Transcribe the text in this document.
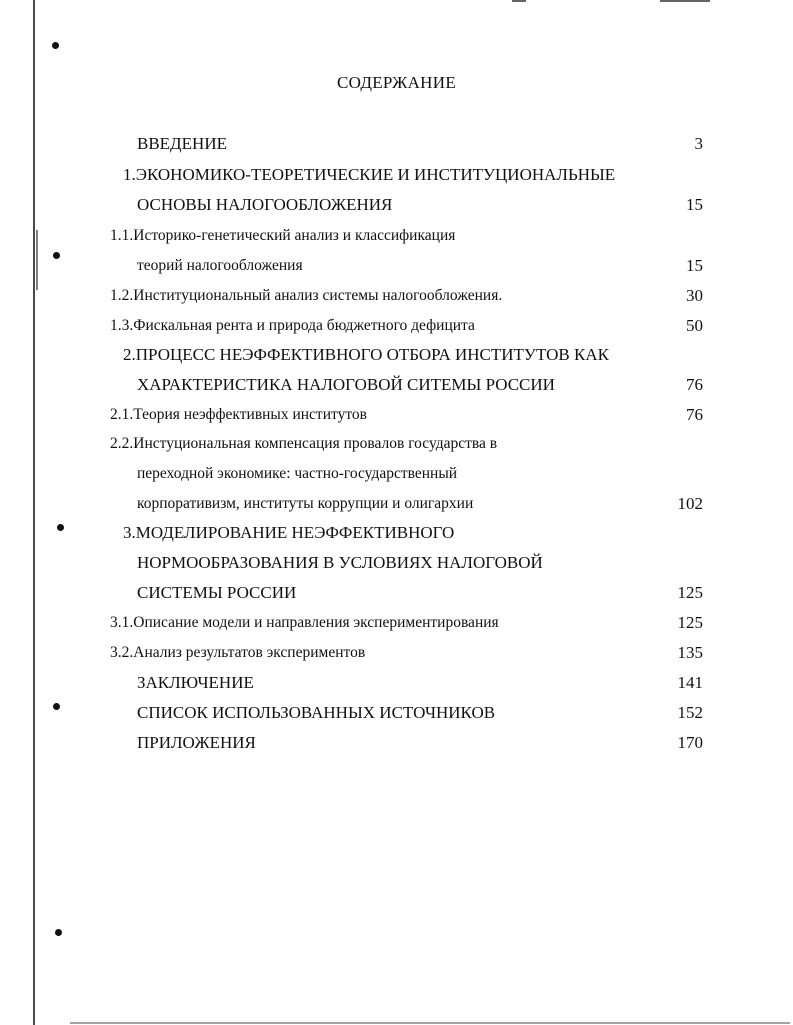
СОДЕРЖАНИЕ
ВВЕДЕНИЕ	3
1.ЭКОНОМИКО-ТЕОРЕТИЧЕСКИЕ И ИНСТИТУЦИОНАЛЬНЫЕ
ОСНОВЫ НАЛОГООБЛОЖЕНИЯ	15
1.1.Историко-генетический анализ и классификация
теорий налогообложения	15
1.2.Институциональный анализ системы налогообложения.	30
1.3.Фискальная рента и природа бюджетного дефицита	50
2.ПРОЦЕСС НЕЭФФЕКТИВНОГО ОТБОРА ИНСТИТУТОВ КАК
ХАРАКТЕРИСТИКА НАЛОГОВОЙ СИТЕМЫ РОССИИ	76
2.1.Теория неэффективных институтов	76
2.2.Инстуциональная компенсация провалов государства в
переходной экономике: частно-государственный
корпоративизм, институты коррупции и олигархии	102
3.МОДЕЛИРОВАНИЕ НЕЭФФЕКТИВНОГО
НОРМООБРАЗОВАНИЯ В УСЛОВИЯХ НАЛОГОВОЙ
СИСТЕМЫ РОССИИ	125
3.1.Описание модели и направления экспериментирования	125
3.2.Анализ результатов экспериментов	135
ЗАКЛЮЧЕНИЕ	141
СПИСОК ИСПОЛЬЗОВАННЫХ ИСТОЧНИКОВ	152
ПРИЛОЖЕНИЯ	170
